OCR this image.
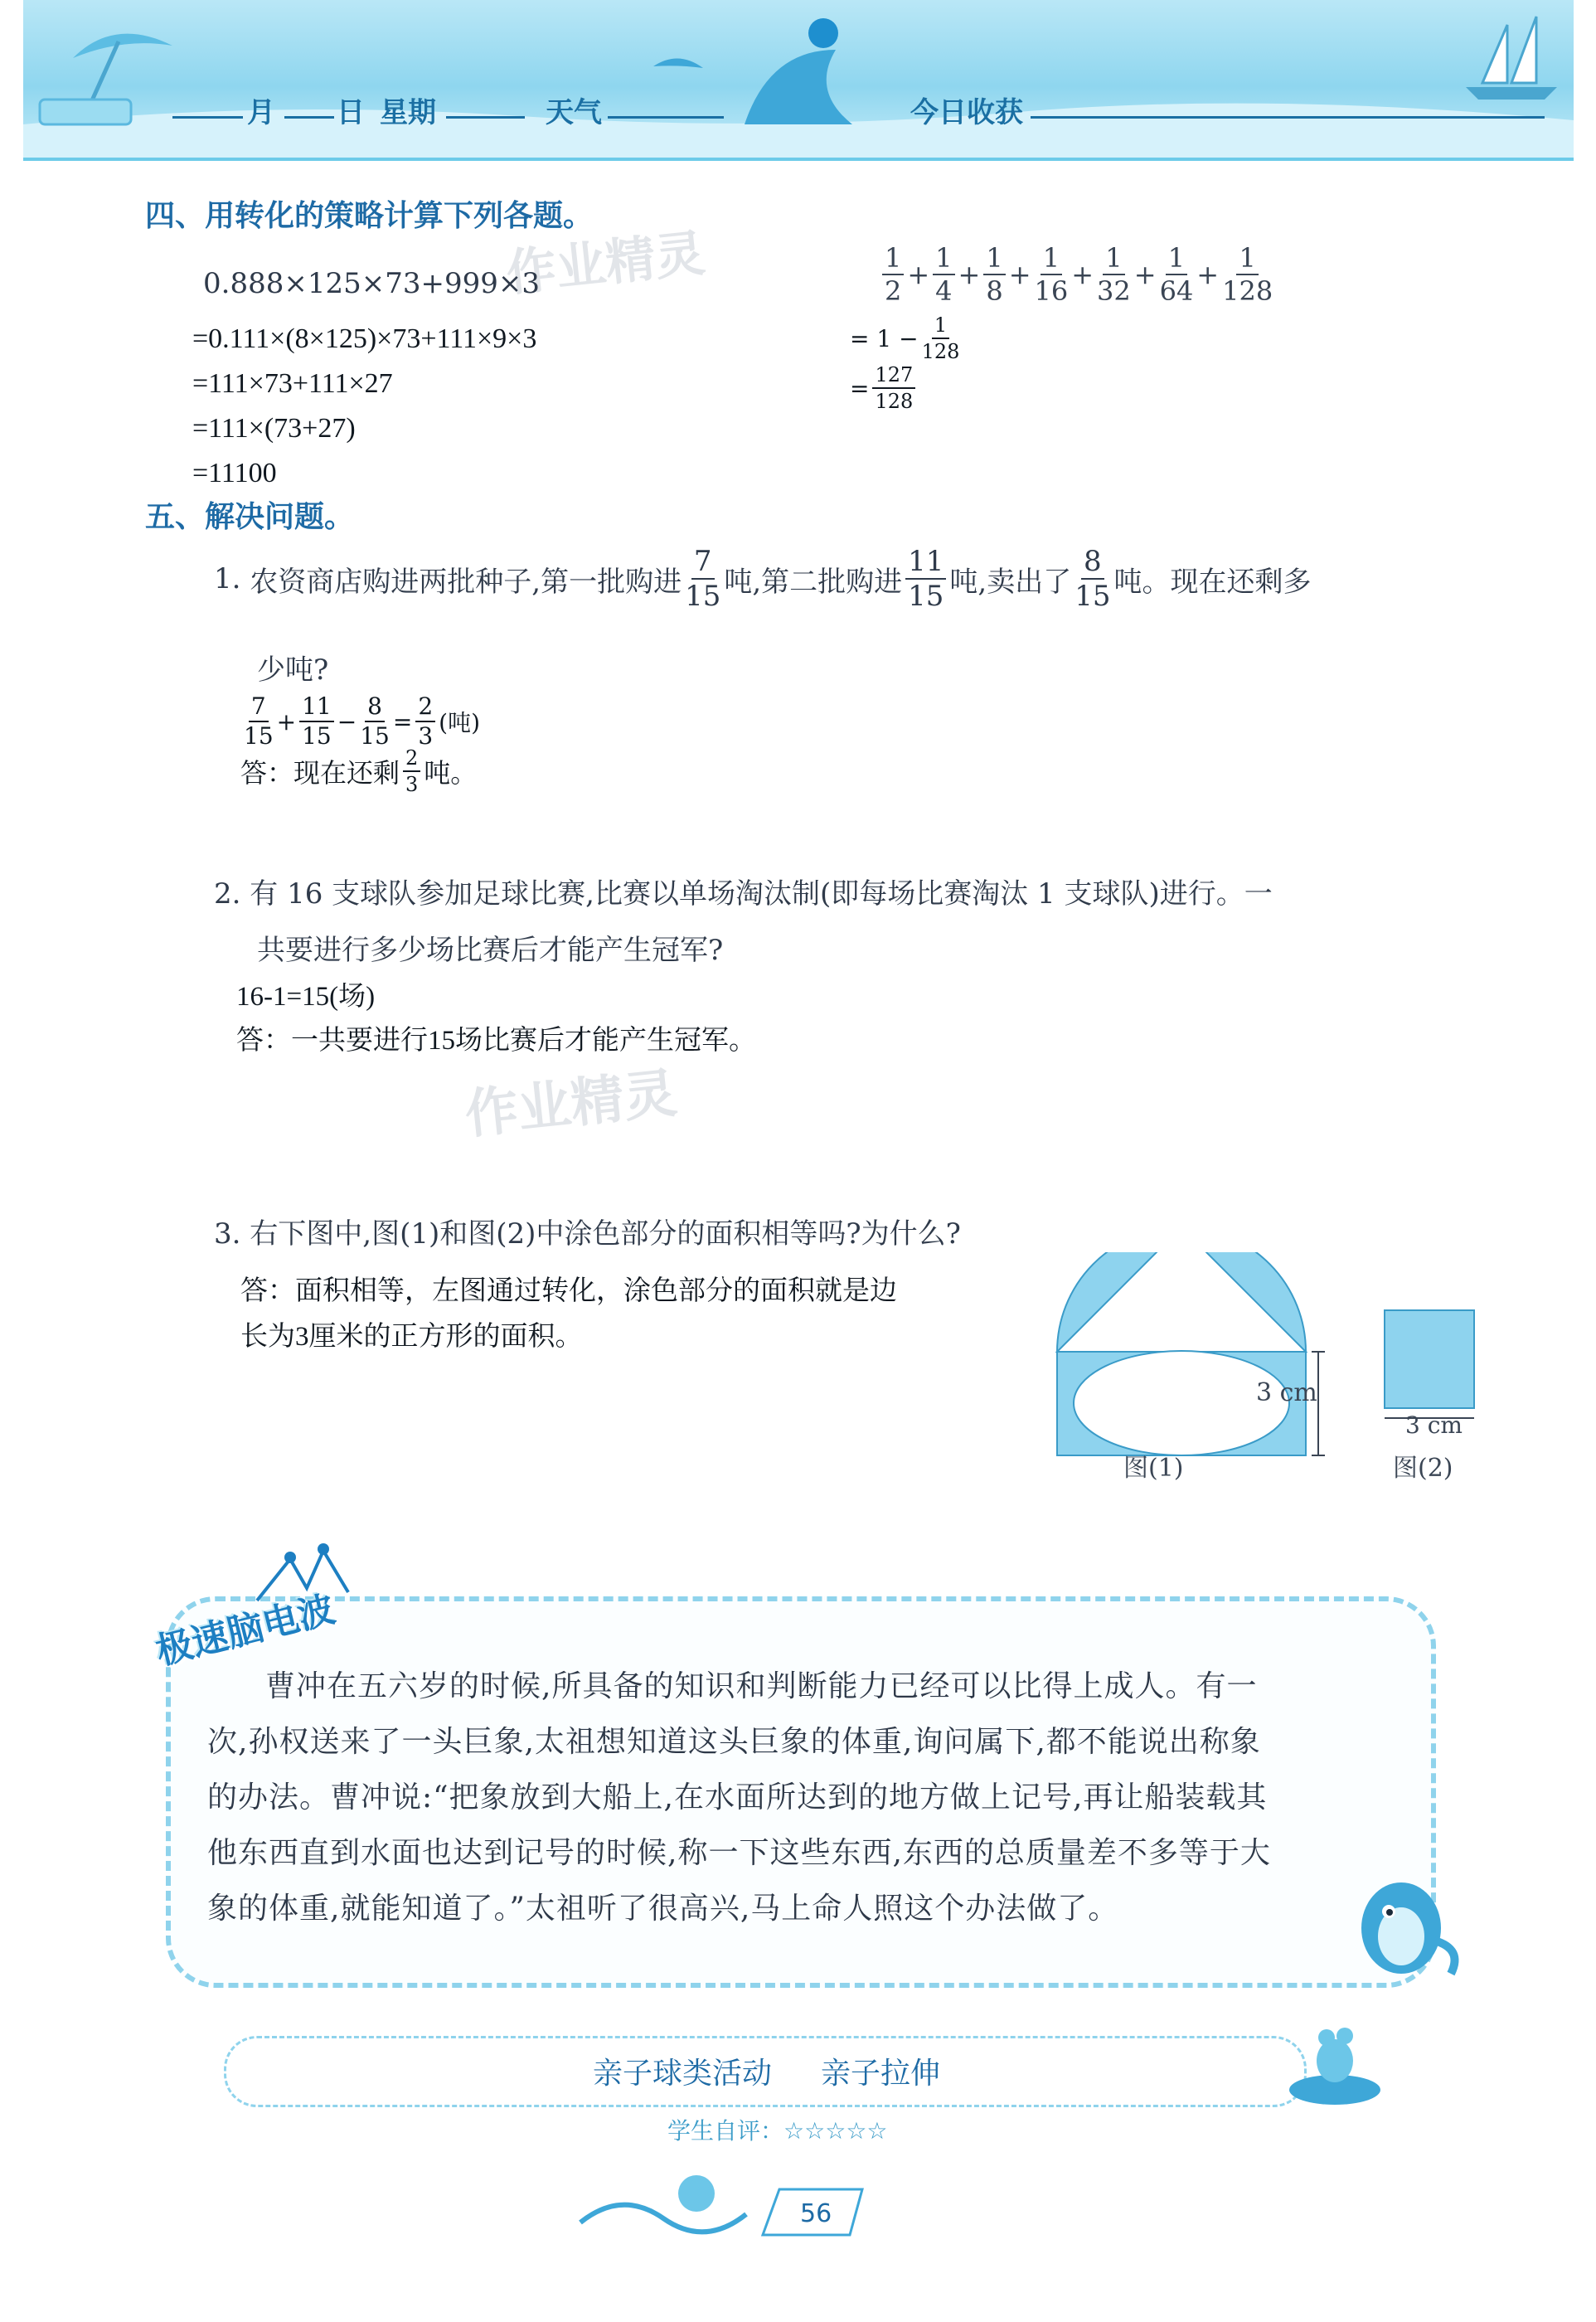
月 日 星期	天气	今日收获
四、用转化的策略计算下列各题。
作业精灵
0.888×125×73+999×3
=0.111×(8×125)×73+111×9×3
=111×73+111×27
=111×(73+27)
=11100
$\frac{1}{2} + \frac{1}{4} + \frac{1}{8} + \frac{1}{16} + \frac{1}{32} + \frac{1}{64} + \frac{1}{128}$
=
$1 - \frac{1}{128}$
= $\frac{127}{128}$
五、解决问题。
1.
农资商店购进两批种子,第一批购进 $\frac{7}{15}$ 吨,第二批购进 $\frac{11}{15}$ 吨,卖出了 $\frac{8}{15}$ 吨。现在还剩多
少吨?
$\frac{7}{15} + \frac{11}{15} - \frac{8}{15} = \frac{2}{3}$ (吨)
答：现在还剩 $\frac{2}{3}$ 吨。
2. 有 16 支球队参加足球比赛,比赛以单场淘汰制(即每场比赛淘汰 1 支球队)进行。一
共要进行多少场比赛后才能产生冠军?
16-1=15(场)
答：一共要进行15场比赛后才能产生冠军。
作业精灵
3. 右下图中,图(1)和图(2)中涂色部分的面积相等吗?为什么?
答：面积相等，左图通过转化，涂色部分的面积就是边
长为3厘米的正方形的面积。
3 cm
图(1)
3 cm
图(2)
极速脑电波
曹冲在五六岁的时候,所具备的知识和判断能力已经可以比得上成人。有一
次,孙权送来了一头巨象,太祖想知道这头巨象的体重,询问属下,都不能说出称象
的办法。曹冲说:“把象放到大船上,在水面所达到的地方做上记号,再让船装载其
他东西直到水面也达到记号的时候,称一下这些东西,东西的总质量差不多等于大
象的体重,就能知道了。”太祖听了很高兴,马上命人照这个办法做了。
亲子球类活动 亲子拉伸
学生自评：☆☆☆☆☆
56
